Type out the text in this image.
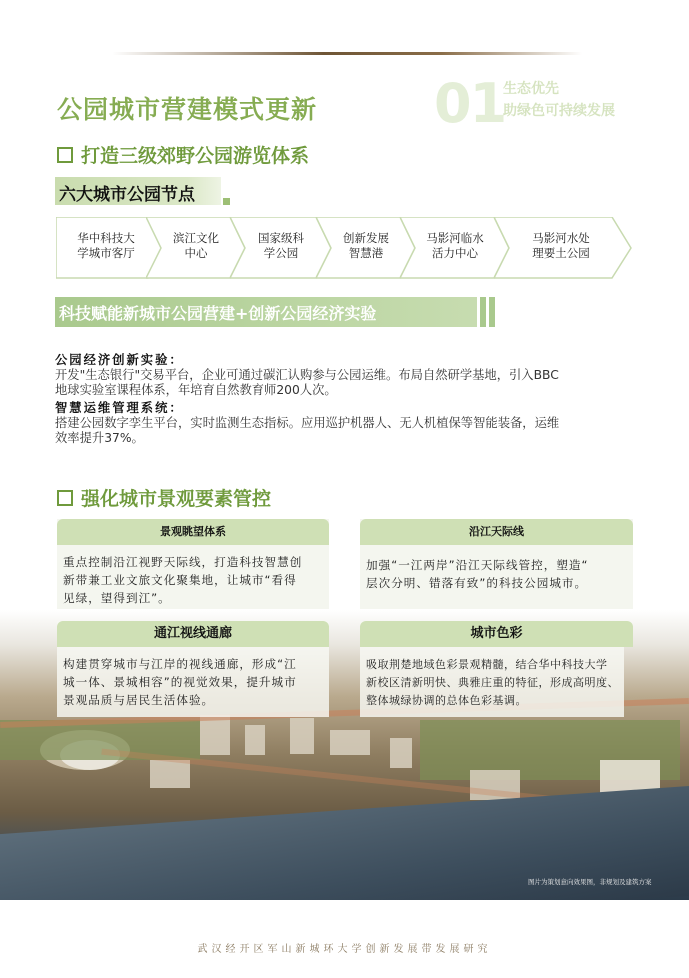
公园城市营建模式更新 01
生态优先
助绿色可持续发展
打造三级郊野公园游览体系
六大城市公园节点
华中科技大
学城市客厅
滨江文化
中心
国家级科
学公园
创新发展
智慧港
马影河临水
活力中心
马影河水处
理要土公园
科技赋能新城市公园营建+创新公园经济实验
公园经济创新实验：
开发"生态银行"交易平台，企业可通过碳汇认购参与公园运维。布局自然研学基地，引入BBC
地球实验室课程体系，年培育自然教育师200人次。
智慧运维管理系统：
搭建公园数字孪生平台，实时监测生态指标。应用巡护机器人、无人机植保等智能装备，运维
效率提升37%。
强化城市景观要素管控
图片为策划意向效果图，非规划及建筑方案
景观眺望体系
重点控制沿江视野天际线，打造科技智慧创
新带兼工业文旅文化聚集地，让城市“看得
见绿，望得到江”。
沿江天际线
加强“一江两岸”沿江天际线管控，塑造“
层次分明、错落有致”的科技公园城市。
通江视线通廊
构建贯穿城市与江岸的视线通廊，形成“江
城一体、景城相容”的视觉效果，提升城市
景观品质与居民生活体验。
城市色彩
吸取荆楚地域色彩景观精髓，结合华中科技大学
新校区清新明快、典雅庄重的特征，形成高明度、
整体城绿协调的总体色彩基调。
武汉经开区军山新城环大学创新发展带发展研究
